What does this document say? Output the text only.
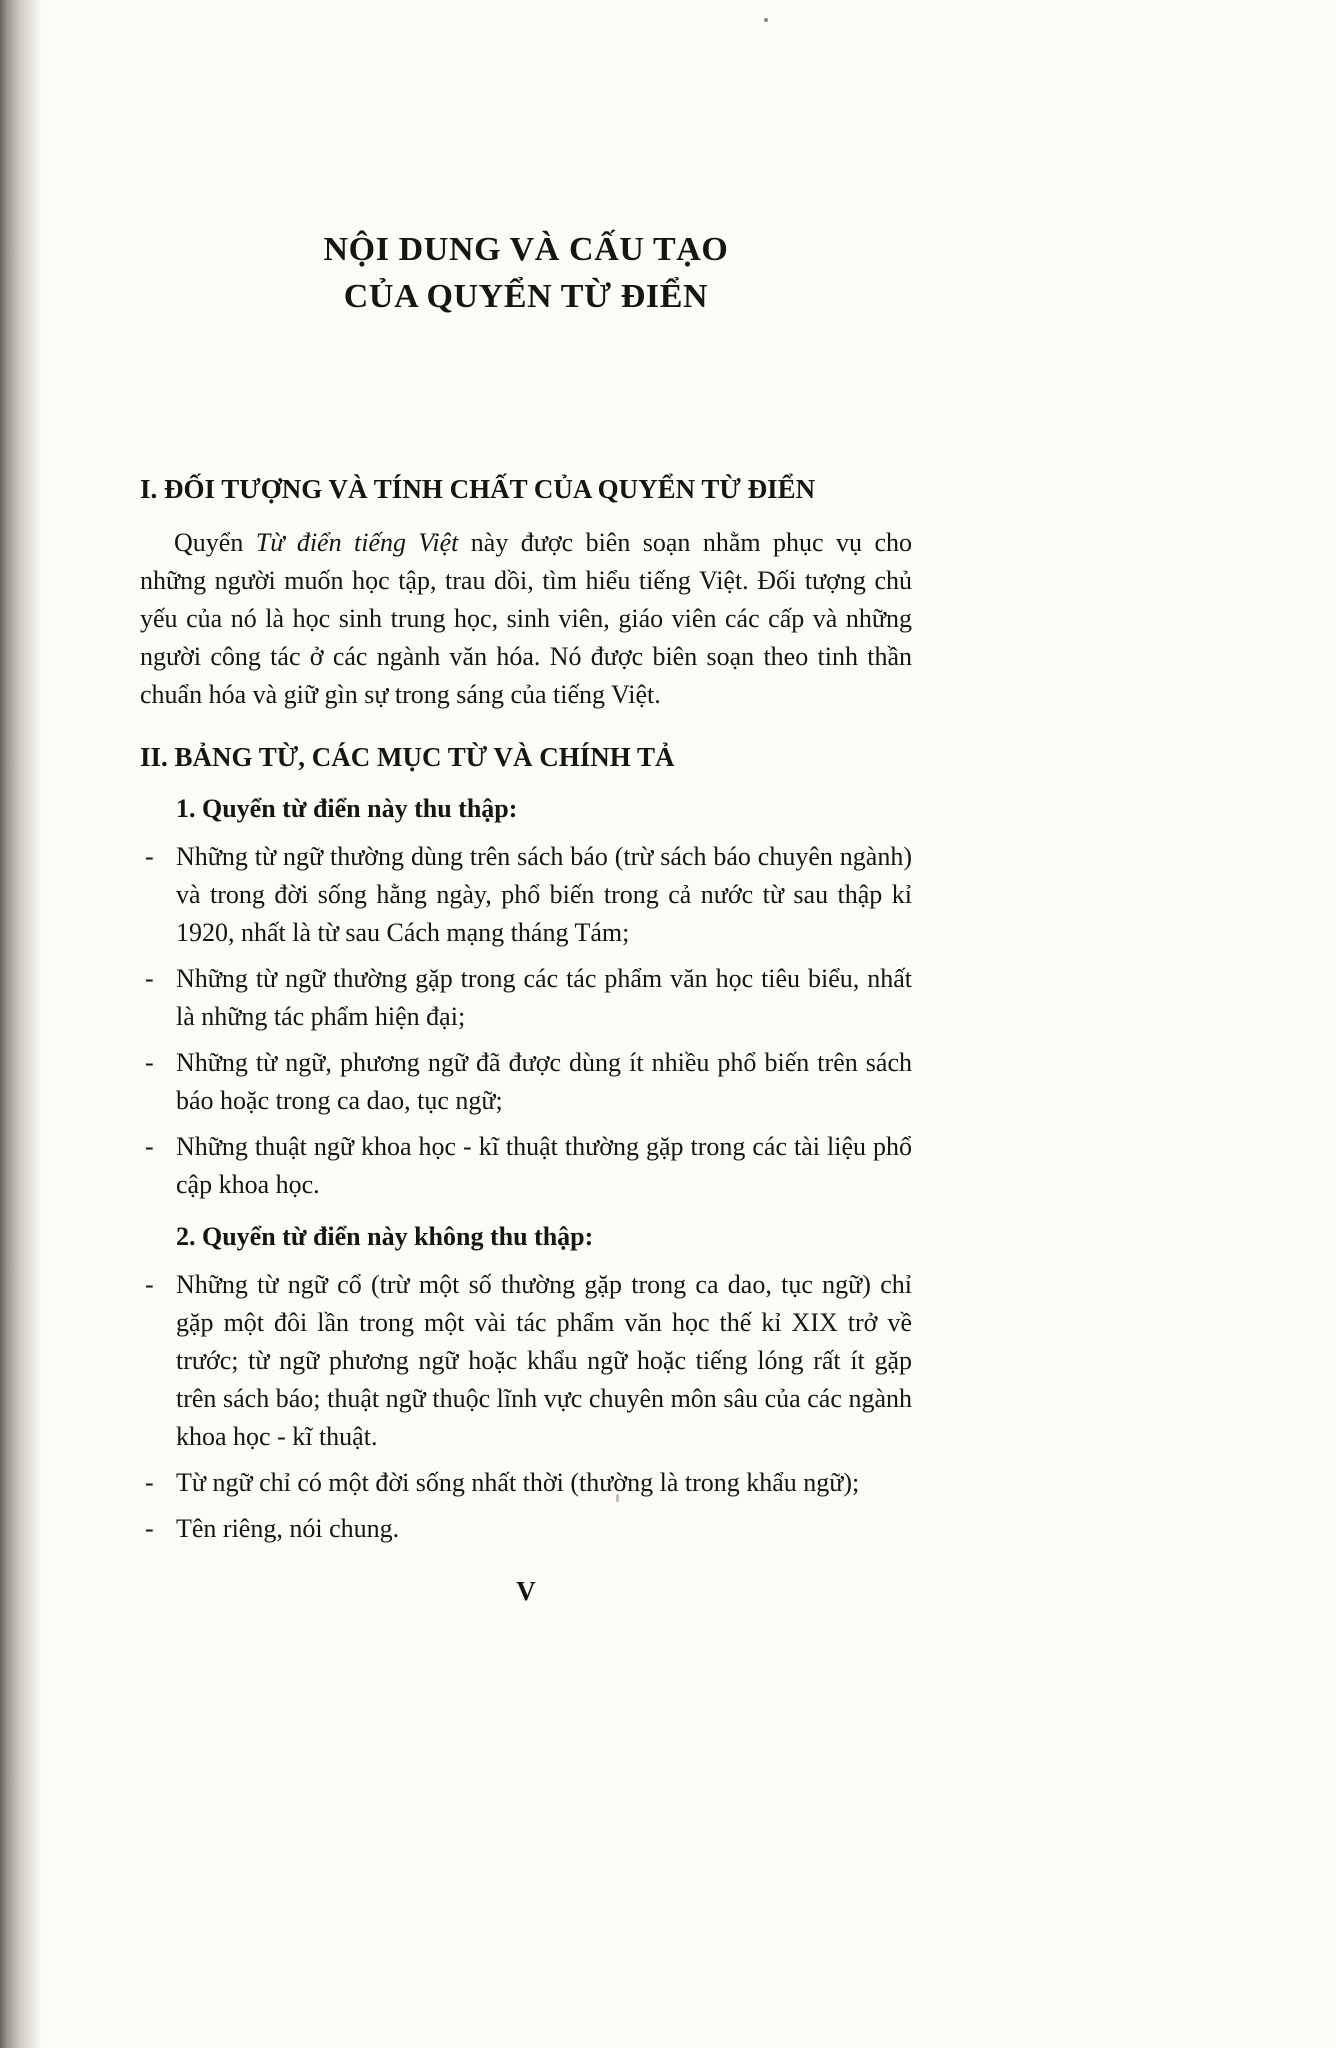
NỘI DUNG VÀ CẤU TẠO
CỦA QUYỂN TỪ ĐIỂN
I. ĐỐI TƯỢNG VÀ TÍNH CHẤT CỦA QUYỂN TỪ ĐIỂN

Quyển Từ điển tiếng Việt này được biên soạn nhằm phục vụ cho những người muốn học tập, trau dồi, tìm hiểu tiếng Việt. Đối tượng chủ yếu của nó là học sinh trung học, sinh viên, giáo viên các cấp và những người công tác ở các ngành văn hóa. Nó được biên soạn theo tinh thần chuẩn hóa và giữ gìn sự trong sáng của tiếng Việt.

II. BẢNG TỪ, CÁC MỤC TỪ VÀ CHÍNH TẢ
1. Quyển từ điển này thu thập:
- Những từ ngữ thường dùng trên sách báo (trừ sách báo chuyên ngành) và trong đời sống hằng ngày, phổ biến trong cả nước từ sau thập kỉ 1920, nhất là từ sau Cách mạng tháng Tám;
- Những từ ngữ thường gặp trong các tác phẩm văn học tiêu biểu, nhất là những tác phẩm hiện đại;
- Những từ ngữ, phương ngữ đã được dùng ít nhiều phổ biến trên sách báo hoặc trong ca dao, tục ngữ;
- Những thuật ngữ khoa học - kĩ thuật thường gặp trong các tài liệu phổ cập khoa học.
2. Quyển từ điển này không thu thập:
- Những từ ngữ cổ (trừ một số thường gặp trong ca dao, tục ngữ) chỉ gặp một đôi lần trong một vài tác phẩm văn học thế kỉ XIX trở về trước; từ ngữ phương ngữ hoặc khẩu ngữ hoặc tiếng lóng rất ít gặp trên sách báo; thuật ngữ thuộc lĩnh vực chuyên môn sâu của các ngành khoa học - kĩ thuật.
- Từ ngữ chỉ có một đời sống nhất thời (thường là trong khẩu ngữ);
- Tên riêng, nói chung.
V
